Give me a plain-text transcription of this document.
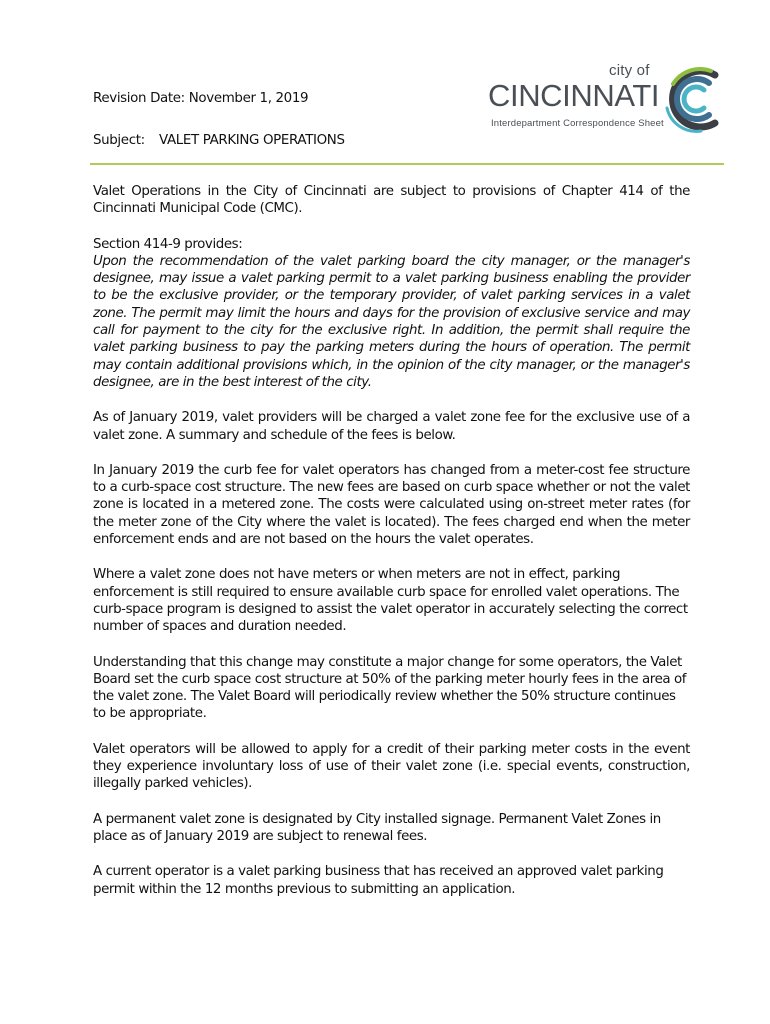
Revision Date: November 1, 2019
Subject: VALET PARKING OPERATIONS
city of
CINCINNATI
Interdepartment Correspondence Sheet

Valet Operations in the City of Cincinnati are subject to provisions of Chapter 414 of the Cincinnati Municipal Code (CMC).

Section 414-9 provides:

Upon the recommendation of the valet parking board the city manager, or the manager's designee, may issue a valet parking permit to a valet parking business enabling the provider to be the exclusive provider, or the temporary provider, of valet parking services in a valet zone. The permit may limit the hours and days for the provision of exclusive service and may call for payment to the city for the exclusive right. In addition, the permit shall require the valet parking business to pay the parking meters during the hours of operation. The permit may contain additional provisions which, in the opinion of the city manager, or the manager's designee, are in the best interest of the city.

As of January 2019, valet providers will be charged a valet zone fee for the exclusive use of a valet zone. A summary and schedule of the fees is below.

In January 2019 the curb fee for valet operators has changed from a meter-cost fee structure to a curb-space cost structure. The new fees are based on curb space whether or not the valet zone is located in a metered zone. The costs were calculated using on-street meter rates (for the meter zone of the City where the valet is located). The fees charged end when the meter enforcement ends and are not based on the hours the valet operates.

Where a valet zone does not have meters or when meters are not in effect, parking enforcement is still required to ensure available curb space for enrolled valet operations. The curb-space program is designed to assist the valet operator in accurately selecting the correct number of spaces and duration needed.

Understanding that this change may constitute a major change for some operators, the Valet Board set the curb space cost structure at 50% of the parking meter hourly fees in the area of the valet zone. The Valet Board will periodically review whether the 50% structure continues to be appropriate.

Valet operators will be allowed to apply for a credit of their parking meter costs in the event they experience involuntary loss of use of their valet zone (i.e. special events, construction, illegally parked vehicles).

A permanent valet zone is designated by City installed signage. Permanent Valet Zones in place as of January 2019 are subject to renewal fees.

A current operator is a valet parking business that has received an approved valet parking permit within the 12 months previous to submitting an application.
